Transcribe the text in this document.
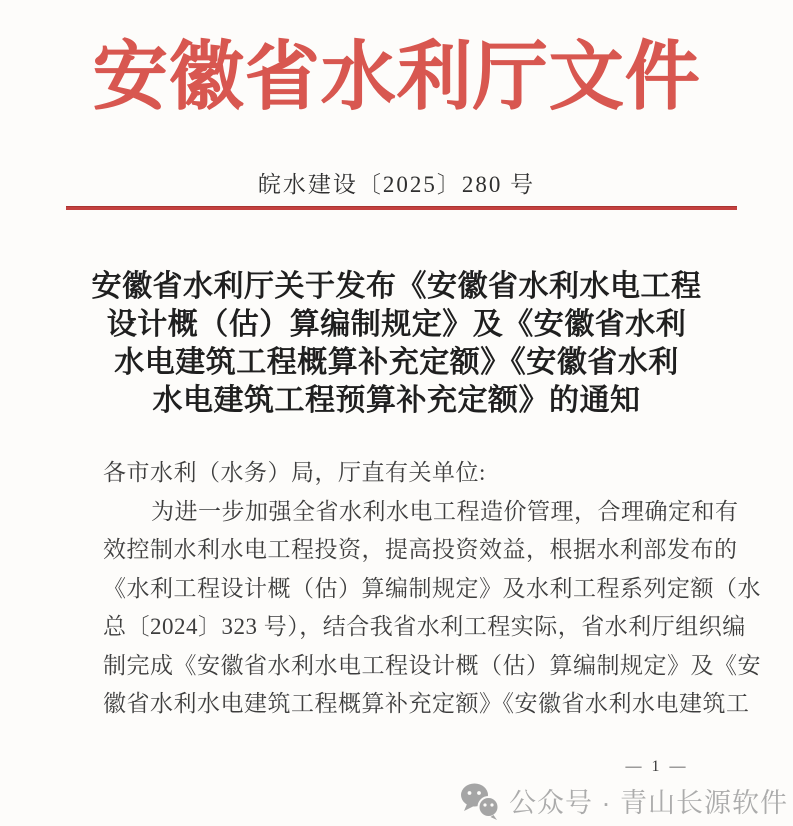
安徽省水利厅文件
皖水建设〔2025〕280 号
安徽省水利厅关于发布《安徽省水利水电工程
设计概（估）算编制规定》及《安徽省水利
水电建筑工程概算补充定额》《安徽省水利
水电建筑工程预算补充定额》的通知
各市水利（水务）局，厅直有关单位:
为进一步加强全省水利水电工程造价管理，合理确定和有
效控制水利水电工程投资，提高投资效益，根据水利部发布的
《水利工程设计概（估）算编制规定》及水利工程系列定额（水
总〔2024〕323 号），结合我省水利工程实际，省水利厅组织编
制完成《安徽省水利水电工程设计概（估）算编制规定》及《安
徽省水利水电建筑工程概算补充定额》《安徽省水利水电建筑工
— 1 —
公众号 · 青山长源软件
